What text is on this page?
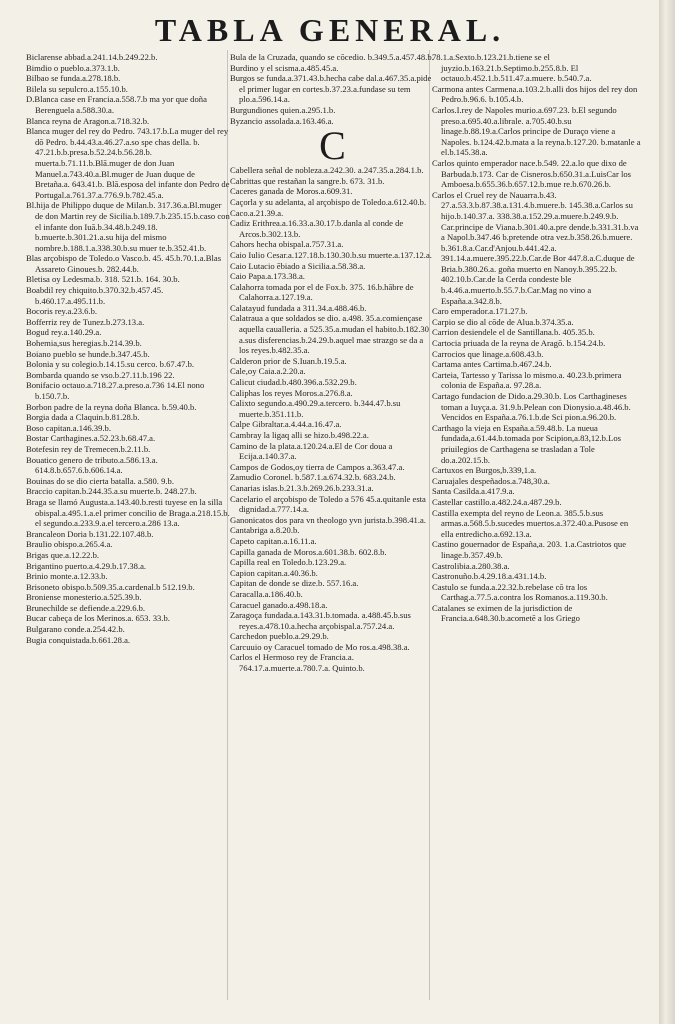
TABLA GENERAL.

Biclarense abbad.a.241.14.b.249.22.b.

Bimdio o pueblo.a.373.1.b.

Bilbao se funda.a.278.18.b.

Bilela su sepulcro.a.155.10.b.

D.Blanca case en Francia.a.558.7.b ma yor que doña Berenguela a.588.30.a.

Blanca reyna de Aragon.a.718.32.b.

Blanca muger del rey do Pedro. 743.17.b.La muger del rey dō Pedro. b.44.43.a.46.27.a.so spe chas della. b. 47.21.b.b.presa.b.52.24.b.56.28.b. muerta.b.71.11.b.Blā.muger de don Juan Manuel.a.743.40.a.Bl.muger de Juan duque de Bretaña.a. 643.41.b. Blā.esposa del infante don Pedro de Portugal.a.761.37.a.776.9.b.782.45.a.

Bl.hija de Philippo duque de Milan.b. 317.36.a.Bl.muger de don Martin rey de Sicilia.b.189.7.b.235.15.b.caso con el infante don Iuā.b.34.48.b.249.18. b.muerte.b.301.21.a.su hija del mismo nombre.b.188.1.a.338.30.b.su muer te.b.352.41.b.

Blas arçobispo de Toledo.o Vasco.b. 45. 45.b.70.1.a.Blas Assareto Ginoues.b. 282.44.b.

Bletisa oy Ledesma.b. 318. 521.b. 164. 30.b.

Boabdil rey chiquito.b.370.32.b.457.45. b.460.17.a.495.11.b.

Bocoris rey.a.23.6.b.

Bofferriz rey de Tunez.b.273.13.a.

Bogud rey.a.140.29.a.

Bohemia,sus heregias.b.214.39.b.

Boiano pueblo se hunde.b.347.45.b.

Bolonia y su colegio.b.14.15.su cerco. b.67.47.b.

Bombarda quando se vso.b.27.11.b.196 22.

Bonifacio octauo.a.718.27.a.preso.a.736 14.El nono b.150.7.b.

Borbon padre de la reyna doña Blanca. b.59.40.b.

Borgia dada a Claquin.b.81.28.b.

Boso capitan.a.146.39.b.

Bostar Carthagines.a.52.23.b.68.47.a.

Botefesin rey de Tremecen.b.2.11.b.

Bouatico genero de tributo.a.586.13.a. 614.8.b.657.6.b.606.14.a.

Bouinas do se dio cierta batalla. a.580. 9.b.

Braccio capitan.b.244.35.a.su muerte.b. 248.27.b.

Braga se llamó Augusta.a.143.40.b.resti tuyese en la silla obispal.a.495.1.a.el primer concilio de Braga.a.218.15.b. el segundo.a.233.9.a.el tercero.a.286 13.a.

Brancaleon Doria b.131.22.107.48.b.

Braulio obispo.a.265.4.a.

Brigas que.a.12.22.b.

Brigantino puerto.a.4.29.b.17.38.a.

Brinio monte.a.12.33.b.

Brisoneto obispo.b.509.35.a.cardenal.b 512.19.b.

Broniense monesterio.a.525.39.b.

Brunechilde se defiende.a.229.6.b.

Bucar cabeça de los Merinos.a. 653. 33.b.

Bulgarano conde.a.254.42.b.

Bugia conquistada.b.661.28.a.

Bula de la Cruzada, quando se cōcedio. b.349.5.a.457.48.b.

Burdino y el scisma.a.485.45.a.

Burgos se funda.a.371.43.b.hecha cabe dal.a.467.35.a.pide el primer lugar en cortes.b.37.23.a.fundase su tem plo.a.596.14.a.

Burgundiones quien.a.295.1.b.

Byzancio assolada.a.163.46.a.

C

Cabellera señal de nobleza.a.242.30. a.247.35.a.284.1.b.

Cabrittas que restañan la sangre.b. 673. 31.b.

Caceres ganada de Moros.a.609.31.

Caçorla y su adelanta, al arçobispo de Toledo.a.612.40.b.

Caco.a.21.39.a.

Cadiz Erithrea.a.16.33.a.30.17.b.danla al conde de Arcos.b.302.13.b.

Cahors hecha obispal.a.757.31.a.

Caio Iulio Cesar.a.127.18.b.130.30.b.su muerte.a.137.12.a.

Caio Lutacio ēbiado a Sicilia.a.58.38.a.

Caio Papa.a.173.38.a.

Calahorra tomada por el de Fox.b. 375. 16.b.hābre de Calahorra.a.127.19.a.

Calatayud fundada a 311.34.a.488.46.b.

Calatraua a que soldados se dio. a.498. 35.a.comiençase aquella caualleria. a 525.35.a.mudan el habito.b.182.30 a.sus disferencias.b.24.29.b.aquel mae strazgo se da a los reyes.b.482.35.a.

Calderon prior de S.Iuan.b.19.5.a.

Cale,oy Caia.a.2.20.a.

Calicut ciudad.b.480.396.a.532.29.b.

Caliphas los reyes Moros.a.276.8.a.

Calixto segundo.a.490.29.a.tercero. b.344.47.b.su muerte.b.351.11.b.

Calpe Gibraltar.a.4.44.a.16.47.a.

Cambray la ligaq alli se hizo.b.498.22.a.

Camino de la plata.a.120.24.a.El de Cor doua a Ecija.a.140.37.a.

Campos de Godos,oy tierra de Campos a.363.47.a.

Zamudio Coronel. b.587.1.a.674.32.b. 683.24.b.

Canarias islas.b.21.3.b.269.26.b.233.31.a.

Cacelario el arçobispo de Toledo a 576 45.a.quitanle esta dignidad.a.777.14.a.

Ganonicatos dos para vn theologo yvn jurista.b.398.41.a.

Cantabriga a.8.20.b.

Capeto capitan.a.16.11.a.

Capilla ganada de Moros.a.601.38.b. 602.8.b.

Capilla real en Toledo.b.123.29.a.

Capion capitan.a.40.36.b.

Capitan de donde se dize.b. 557.16.a.

Caracalla.a.186.40.b.

Caracuel ganado.a.498.18.a.

Zaragoça fundada.a.143.31.b.tomada. a.488.45.b.sus reyes.a.478.10.a.hecha arçobispal.a.757.24.a.

Carchedon pueblo.a.29.29.b.

Carcuuio oy Caracuel tomado de Mo ros.a.498.38.a.

Carlos el Hermoso rey de Francia.a. 764.17.a.muerte.a.780.7.a. Quinto.b.

78.1.a.Sexto.b.123.21.b.tiene se el juyzio.b.163.21.b.Septimo.b.255.8.b. El octauo.b.452.1.b.511.47.a.muere. b.540.7.a.

Carmona antes Carmena.a.103.2.b.alli dos hijos del rey don Pedro.b.96.6. b.105.4.b.

Carlos.I.rey de Napoles murio.a.697.23. b.El segundo preso.a.695.40.a.librale. a.705.40.b.su linage.b.88.19.a.Carlos principe de Duraço viene a Napoles. b.124.42.b.mata a la reyna.b.127.20. b.matanle a el.b.145.38.a.

Carlos quinto emperador nace.b.549. 22.a.lo que dixo de Barbuda.b.173. Car de Cisneros.b.650.31.a.LuisCar los Amboesa.b.655.36.b.657.12.b.mue re.b.670.26.b.

Carlos el Cruel rey de Nauarra.b.43. 27.a.53.3.b.87.38.a.131.4.b.muere.b. 145.38.a.Carlos su hijo.b.140.37.a. 338.38.a.152.29.a.muere.b.249.9.b. Car.principe de Viana.b.301.40.a.pre dende.b.331.31.b.va a Napol.b.347.46 b.pretende otra vez.b.358.26.b.muere. b.361.8.a.Car.d'Anjou.b.441.42.a. 391.14.a.muere.395.22.b.Car.de Bor 447.8.a.C.duque de Bria.b.380.26.a. goña muerto en Nanoy.b.395.22.b. 402.10.b.Car.de la Cerda condeste ble b.4.46.a.muerto.b.55.7.b.Car.Mag no vino a España.a.342.8.b.

Caro emperador.a.171.27.b.

Carpio se dio al cōde de Alua.b.374.35.a.

Carrion desiendele el de Santillana.b. 405.35.b.

Cartocia priuada de la reyna de Aragō. b.154.24.b.

Carrocios que linage.a.608.43.b.

Cartama antes Cartima.b.467.24.b.

Carteia, Tartesso y Tarissa lo mismo.a. 40.23.b.primera colonia de España.a. 97.28.a.

Cartago fundacion de Dido.a.29.30.b. Los Carthagineses toman a Iuyça.a. 31.9.b.Pelean con Dionysio.a.48.46.b. Vencidos en España.a.76.1.b.de Sci pion.a.96.20.b.

Carthago la vieja en España.a.59.48.b. La nueua fundada,a.61.44.b.tomada por Scipion,a.83,12.b.Los priuilegios de Carthagena se trasladan a Tole do.a.202.15.b.

Cartuxos en Burgos,b.339,1.a.

Caruajales despeñados.a.748,30.a.

Santa Casilda.a.417.9.a.

Castellar castillo.a.482.24.a.487.29.b.

Castilla exempta del reyno de Leon.a. 385.5.b.sus armas.a.568.5.b.sucedes muertos.a.372.40.a.Pusose en ella entredicho.a.692.13.a.

Castino gouernador de España,a. 203. 1.a.Castriotos que linage.b.357.49.b.

Castrolibia.a.280.38.a.

Castronuño.b.4.29.18.a.431.14.b.

Castulo se funda.a.22.32.b.rebelase cō tra los Carthag.a.77.5.a.contra los Romanos.a.119.30.b.

Catalanes se eximen de la jurisdiction de Francia.a.648.30.b.acometē a los Griego
